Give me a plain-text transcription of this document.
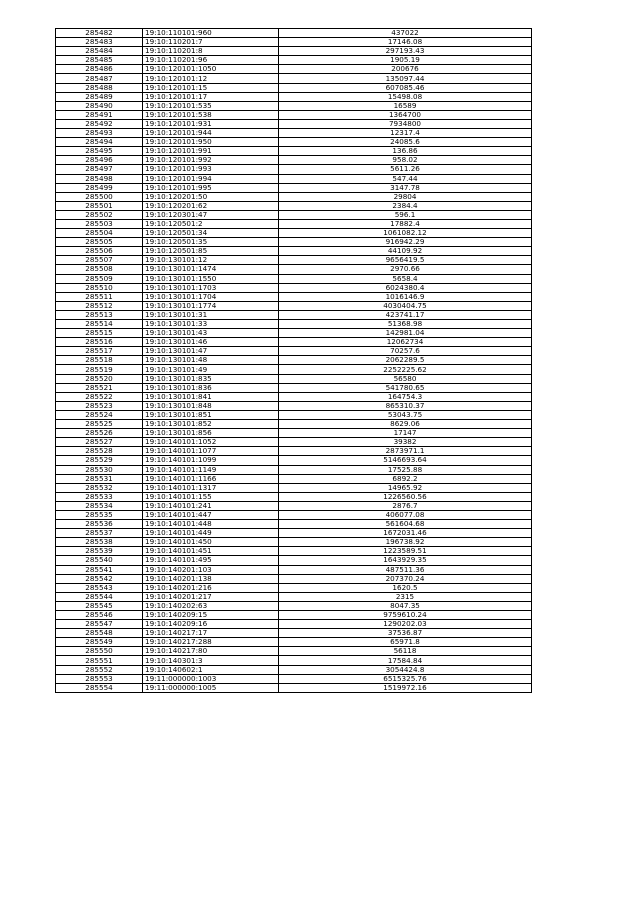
285482	19:10:110101:960	437022
285483	19:10:110201:7	17146.08
285484	19:10:110201:8	297193.43
285485	19:10:110201:96	1905.19
285486	19:10:120101:1050	200676
285487	19:10:120101:12	135097.44
285488	19:10:120101:15	607085.46
285489	19:10:120101:17	15498.08
285490	19:10:120101:535	16589
285491	19:10:120101:538	1364700
285492	19:10:120101:931	7934800
285493	19:10:120101:944	12317.4
285494	19:10:120101:950	24085.6
285495	19:10:120101:991	136.86
285496	19:10:120101:992	958.02
285497	19:10:120101:993	5611.26
285498	19:10:120101:994	547.44
285499	19:10:120101:995	3147.78
285500	19:10:120201:50	29804
285501	19:10:120201:62	2384.4
285502	19:10:120301:47	596.1
285503	19:10:120501:2	17882.4
285504	19:10:120501:34	1061082.12
285505	19:10:120501:35	916942.29
285506	19:10:120501:85	44109.92
285507	19:10:130101:12	9656419.5
285508	19:10:130101:1474	2970.66
285509	19:10:130101:1550	5658.4
285510	19:10:130101:1703	6024380.4
285511	19:10:130101:1704	1016146.9
285512	19:10:130101:1774	4030404.75
285513	19:10:130101:31	423741.17
285514	19:10:130101:33	51368.98
285515	19:10:130101:43	142981.04
285516	19:10:130101:46	12062734
285517	19:10:130101:47	70257.6
285518	19:10:130101:48	2062289.5
285519	19:10:130101:49	2252225.62
285520	19:10:130101:835	56580
285521	19:10:130101:836	541780.65
285522	19:10:130101:841	164754.3
285523	19:10:130101:848	865310.37
285524	19:10:130101:851	53043.75
285525	19:10:130101:852	8629.06
285526	19:10:130101:856	17147
285527	19:10:140101:1052	39382
285528	19:10:140101:1077	2873971.1
285529	19:10:140101:1099	5146693.64
285530	19:10:140101:1149	17525.88
285531	19:10:140101:1166	6892.2
285532	19:10:140101:1317	14965.92
285533	19:10:140101:155	1226560.56
285534	19:10:140101:241	2876.7
285535	19:10:140101:447	406077.08
285536	19:10:140101:448	561604.68
285537	19:10:140101:449	1672031.46
285538	19:10:140101:450	196738.92
285539	19:10:140101:451	1223589.51
285540	19:10:140101:495	1643929.35
285541	19:10:140201:103	487511.36
285542	19:10:140201:138	207370.24
285543	19:10:140201:216	1620.5
285544	19:10:140201:217	2315
285545	19:10:140202:63	8047.35
285546	19:10:140209:15	9759610.24
285547	19:10:140209:16	1290202.03
285548	19:10:140217:17	37536.87
285549	19:10:140217:288	65971.8
285550	19:10:140217:80	56118
285551	19:10:140301:3	17584.84
285552	19:10:140602:1	3054424.8
285553	19:11:000000:1003	6515325.76
285554	19:11:000000:1005	1519972.16
